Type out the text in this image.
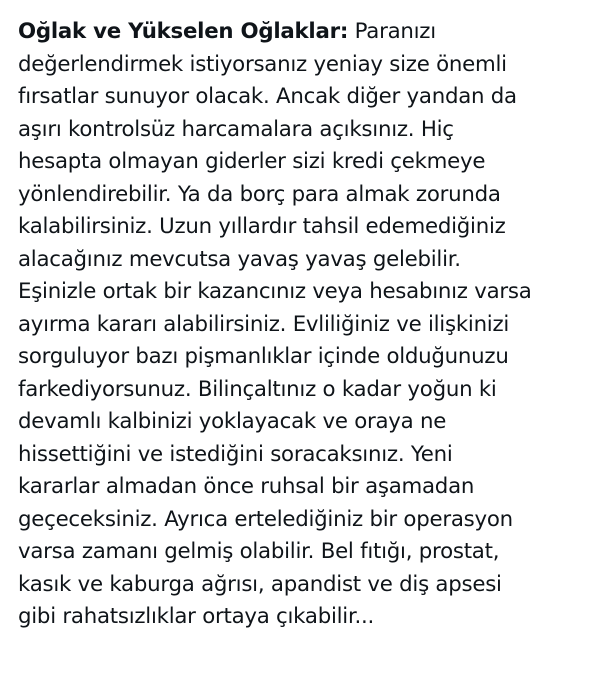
Oğlak ve Yükselen Oğlaklar: Paranızı
değerlendirmek istiyorsanız yeniay size önemli
fırsatlar sunuyor olacak. Ancak diğer yandan da
aşırı kontrolsüz harcamalara açıksınız. Hiç
hesapta olmayan giderler sizi kredi çekmeye
yönlendirebilir. Ya da borç para almak zorunda
kalabilirsiniz. Uzun yıllardır tahsil edemediğiniz
alacağınız mevcutsa yavaş yavaş gelebilir.
Eşinizle ortak bir kazancınız veya hesabınız varsa
ayırma kararı alabilirsiniz. Evliliğiniz ve ilişkinizi
sorguluyor bazı pişmanlıklar içinde olduğunuzu
farkediyorsunuz. Bilinçaltınız o kadar yoğun ki
devamlı kalbinizi yoklayacak ve oraya ne
hissettiğini ve istediğini soracaksınız. Yeni
kararlar almadan önce ruhsal bir aşamadan
geçeceksiniz. Ayrıca ertelediğiniz bir operasyon
varsa zamanı gelmiş olabilir. Bel fıtığı, prostat,
kasık ve kaburga ağrısı, apandist ve diş apsesi
gibi rahatsızlıklar ortaya çıkabilir...
